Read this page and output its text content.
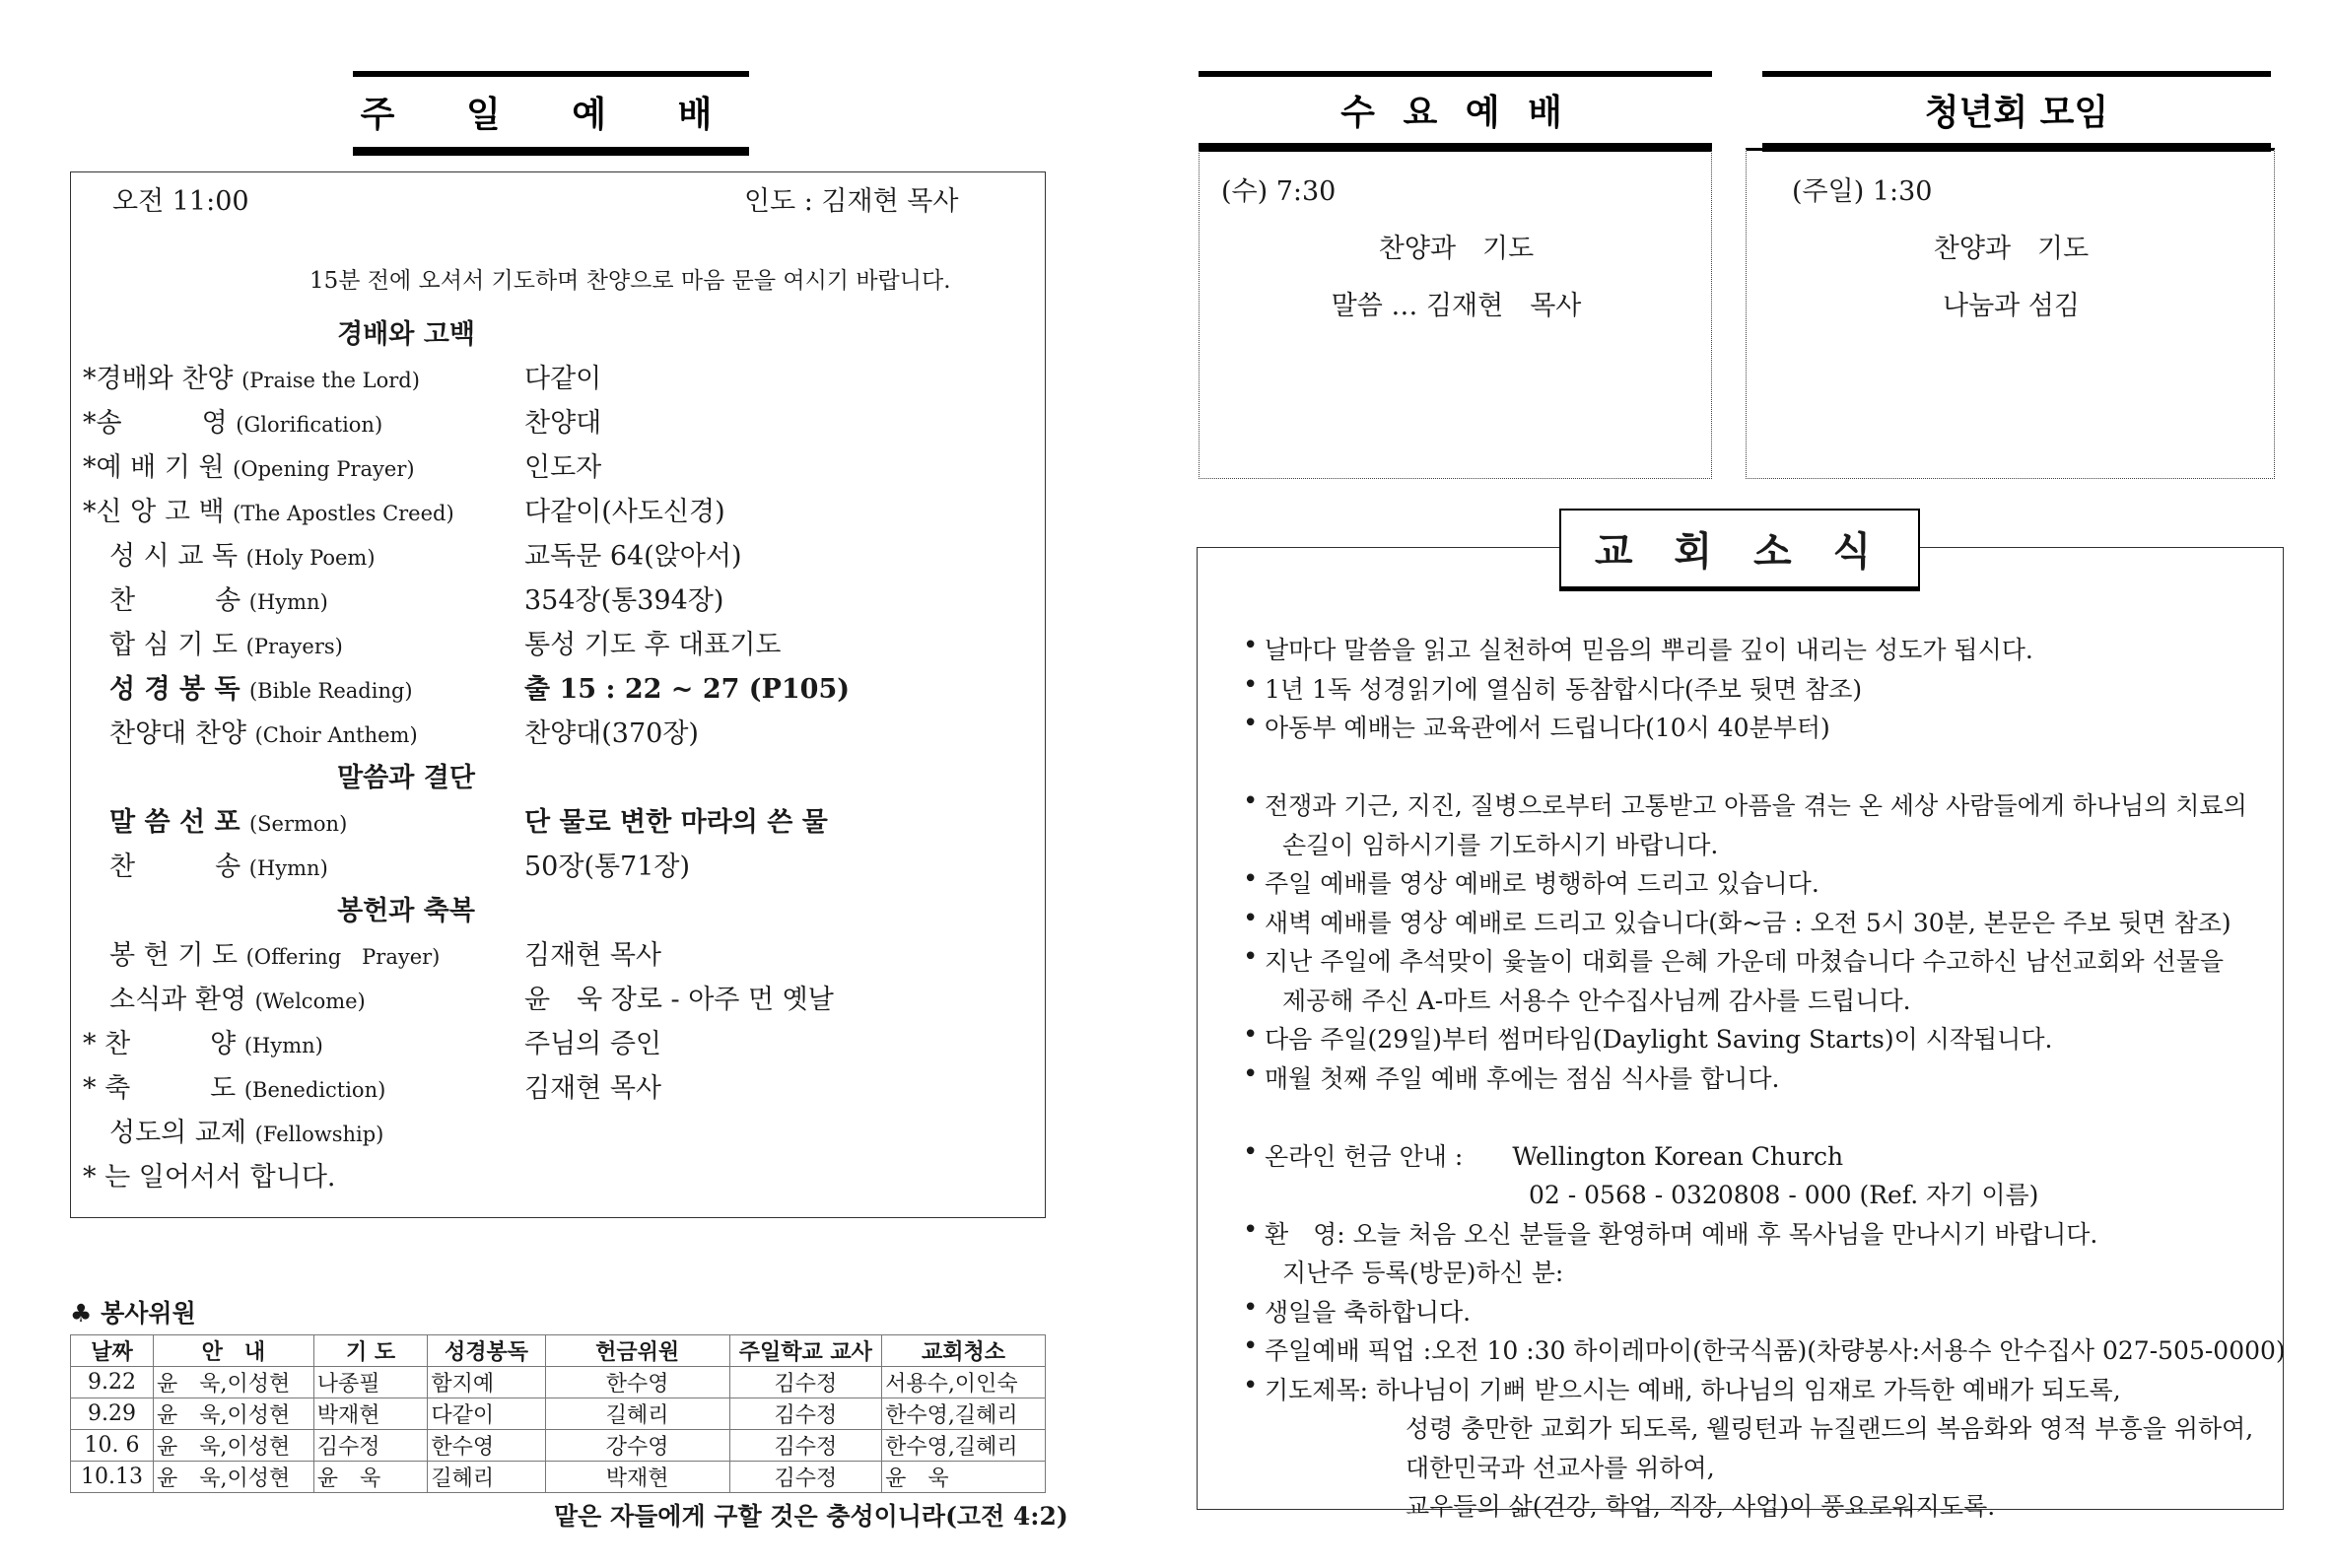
주 일 예 배
오전 11:00	인도 : 김재현 목사
15분 전에 오셔서 기도하며 찬양으로 마음 문을 여시기 바랍니다.
경배와 고백
*경배와 찬양 (Praise the Lord)	다같이
*송　　　영 (Glorification)	찬양대
*예 배 기 원 (Opening Prayer)	인도자
*신 앙 고 백 (The Apostles Creed)	다같이(사도신경)
　성 시 교 독 (Holy Poem)	교독문 64(앉아서)
　찬　　　송 (Hymn)	354장(통394장)
　합 심 기 도 (Prayers)	통성 기도 후 대표기도
　성 경 봉 독 (Bible Reading)	출 15 : 22 ~ 27 (P105)
　찬양대 찬양 (Choir Anthem)	찬양대(370장)
말씀과 결단
　말 씀 선 포 (Sermon)	단 물로 변한 마라의 쓴 물
　찬　　　송 (Hymn)	50장(통71장)
봉헌과 축복
　봉 헌 기 도 (Offering　Prayer)	김재현 목사
　소식과 환영 (Welcome)	윤　욱 장로 - 아주 먼 옛날
* 찬　　　양 (Hymn)	주님의 증인
* 축　　　도 (Benediction)	김재현 목사
　성도의 교제 (Fellowship)
* 는 일어서서 합니다.
♣ 봉사위원
날짜	안　내	기 도	성경봉독	헌금위원	주일학교 교사	교회청소
9.22	윤　욱,이성현	나종필	함지예	한수영	김수정	서용수,이인숙
9.29	윤　욱,이성현	박재현	다같이	길혜리	김수정	한수영,길혜리
10. 6	윤　욱,이성현	김수정	한수영	강수영	김수정	한수영,길혜리
10.13	윤　욱,이성현	윤　욱	길혜리	박재현	김수정	윤　욱
맡은 자들에게 구할 것은 충성이니라(고전 4:2)
수 요 예 배
(수) 7:30
찬양과　기도
말씀 … 김재현　목사
청년회 모임
(주일) 1:30
찬양과　기도
나눔과 섬김
• 날마다 말씀을 읽고 실천하여 믿음의 뿌리를 깊이 내리는 성도가 됩시다.
• 1년 1독 성경읽기에 열심히 동참합시다(주보 뒷면 참조)
• 아동부 예배는 교육관에서 드립니다(10시 40분부터)
• 전쟁과 기근, 지진, 질병으로부터 고통받고 아픔을 겪는 온 세상 사람들에게 하나님의 치료의
손길이 임하시기를 기도하시기 바랍니다.
• 주일 예배를 영상 예배로 병행하여 드리고 있습니다.
• 새벽 예배를 영상 예배로 드리고 있습니다(화~금 : 오전 5시 30분, 본문은 주보 뒷면 참조)
• 지난 주일에 추석맞이 윷놀이 대회를 은혜 가운데 마쳤습니다 수고하신 남선교회와 선물을
제공해 주신 A-마트 서용수 안수집사님께 감사를 드립니다.
• 다음 주일(29일)부터 썸머타임(Daylight Saving Starts)이 시작됩니다.
• 매월 첫째 주일 예배 후에는 점심 식사를 합니다.
• 온라인 헌금 안내 :　　Wellington Korean Church
　　　　　　　　　　02 - 0568 - 0320808 - 000 (Ref. 자기 이름)
• 환　영: 오늘 처음 오신 분들을 환영하며 예배 후 목사님을 만나시기 바랍니다.
지난주 등록(방문)하신 분:
• 생일을 축하합니다.
• 주일예배 픽업 :오전 10 :30 하이레마이(한국식품)(차량봉사:서용수 안수집사 027-505-0000)
• 기도제목: 하나님이 기뻐 받으시는 예배, 하나님의 임재로 가득한 예배가 되도록,
　　　　　성령 충만한 교회가 되도록, 웰링턴과 뉴질랜드의 복음화와 영적 부흥을 위하여,
　　　　　대한민국과 선교사를 위하여,
　　　　　교우들의 삶(건강, 학업, 직장, 사업)이 풍요로워지도록.
교 회 소 식
